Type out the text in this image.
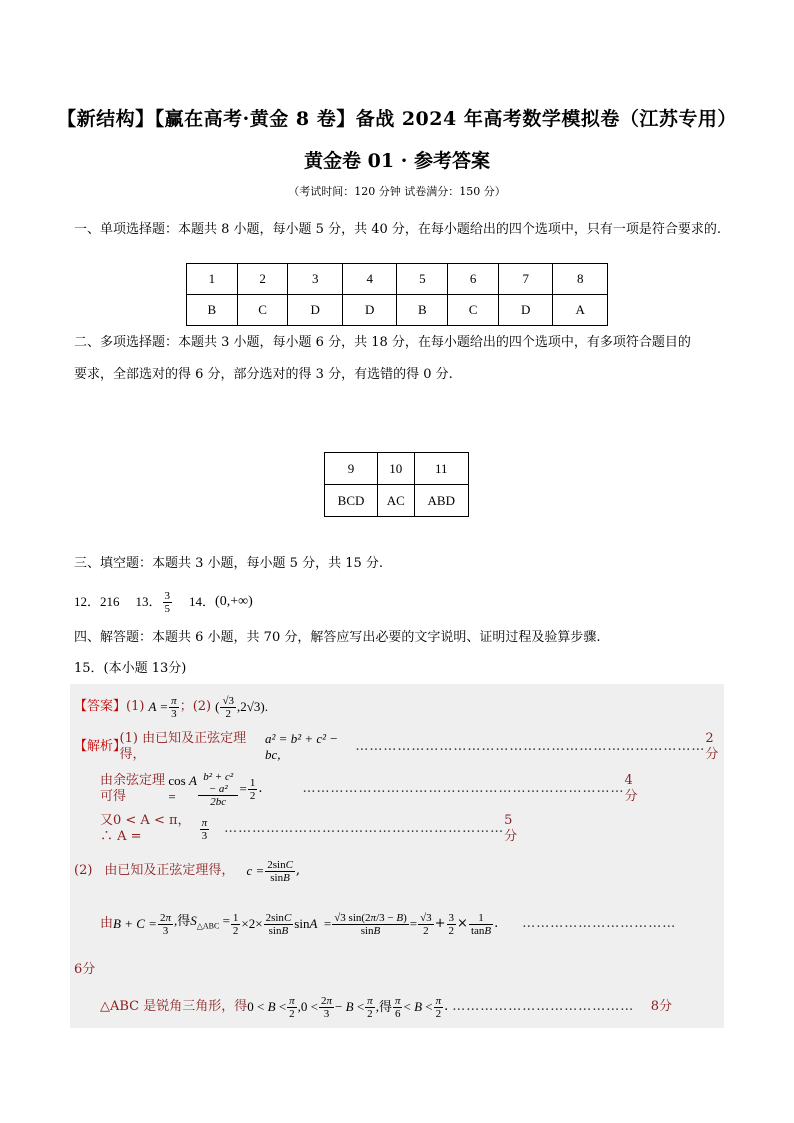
【新结构】【赢在高考·黄金 8 卷】备战 2024 年高考数学模拟卷（江苏专用）
黄金卷 01 · 参考答案
（考试时间：120 分钟 试卷满分：150 分）
一、单项选择题：本题共 8 小题，每小题 5 分，共 40 分，在每小题给出的四个选项中，只有一项是符合要求的.
1	2	3	4	5	6	7	8
B	C	D	D	B	C	D	A
二、多项选择题：本题共 3 小题，每小题 6 分，共 18 分，在每小题给出的四个选项中，有多项符合题目的
要求，全部选对的得 6 分，部分选对的得 3 分，有选错的得 0 分.
9	10	11
BCD	AC	ABD
三、填空题：本题共 3 小题，每小题 5 分，共 15 分.
12．216 13． $\frac{3}{5} 14$． (0,+∞)
四、解答题：本题共 6 小题，共 70 分，解答应写出必要的文字说明、证明过程及验算步骤.
15．(本小题 13分)
【答案】 (1) $A = \frac{\pi}{3}$ ；(2) ( $\frac{√3}{2} ,2√3$).
【解析】
(1) 由已知及正弦定理得，
a² = b² + c² − bc,
…………………………………………………………………
2分
由余弦定理可得
cos A =	$\frac{\text{b² + c² − a²}}{2bc} = \frac{1}{2}$ .	……………………………………………………………
4分
又0 < A < π，∴ A =	$\frac{\pi}{3}$ ……………………………………………………
5分
(2) 由已知及正弦定理得， $c = \frac{2\sin C}{\sin B}$ ,
由 $B + C = \frac{2\pi}{3}$ ,得$S_{\triangle ABC} = \frac{1}{2} \times 2\times \frac{2\sin C}{\sin B}$ $\sin A = \frac{√3 \sin(2\pi/3 - B)}{\sin B} = \frac{√3}{2} + \frac{3}{2} \times \frac{1}{\tan B}$ . ……………………………
6分
△ABC 是锐角三角形，得 $0 < B < \frac{\pi}{2} ,0 < \frac{2\pi}{3} - B < \frac{\pi}{2}$ ,得 $\frac{\pi}{6} < B < \frac{\pi}{2}$ . …………………………………	8分
